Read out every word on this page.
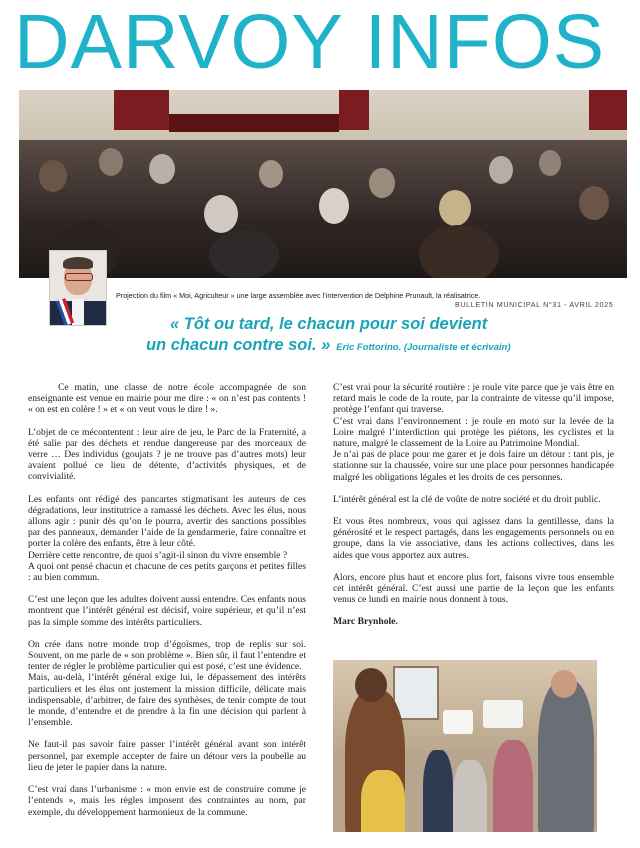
DARVOY INFOS
Projection du film « Moi, Agriculteur » une large assemblée avec l’intervention de Delphine Prunault, la réalisatrice.
BULLETIN MUNICIPAL N°31 - AVRIL 2025
« Tôt ou tard, le chacun pour soi devient
un chacun contre soi. » Eric Fottorino. (Journaliste et écrivain)

Ce matin, une classe de notre école accompagnée de son enseignante est venue en mairie pour me dire : « on n’est pas contents ! « on est en colère ! » et « on veut vous le dire ! ».

L’objet de ce mécontentent : leur aire de jeu, le Parc de la Fraternité, a été salie par des déchets et rendue dangereuse par des morceaux de verre … Des individus (goujats ? je ne trouve pas d’autres mots) leur avaient pollué ce lieu de détente, d’activités physiques, et de convivialité.

Les enfants ont rédigé des pancartes stigmatisant les auteurs de ces dégradations, leur institutrice a ramassé les déchets. Avec les élus, nous allons agir : punir dès qu’on le pourra, avertir des sanctions possibles par des panneaux, demander l’aide de la gendarmerie, faire connaître et porter la colère des enfants, être à leur côté.

Derrière cette rencontre, de quoi s’agit-il sinon du vivre ensemble ?

A quoi ont pensé chacun et chacune de ces petits garçons et petites filles : au bien commun.

C’est une leçon que les adultes doivent aussi entendre. Ces enfants nous montrent que l’intérêt général est décisif, voire supérieur, et qu’il n’est pas la simple somme des intérêts particuliers.

On crée dans notre monde trop d’égoïsmes, trop de replis sur soi. Souvent, on me parle de « son problème ». Bien sûr, il faut l’entendre et tenter de régler le problème particulier qui est posé, c’est une évidence.

Mais, au-delà, l’intérêt général exige lui, le dépassement des intérêts particuliers et les élus ont justement la mission difficile, délicate mais indispensable, d’arbitrer, de faire des synthèses, de tenir compte de tout le monde, d’entendre et de prendre à la fin une décision qui parlent à l’ensemble.

Ne faut-il pas savoir faire passer l’intérêt général avant son intérêt personnel, par exemple accepter de faire un détour vers la poubelle au lieu de jeter le papier dans la nature.

C’est vrai dans l’urbanisme : « mon envie est de construire comme je l’entends », mais les règles imposent des contraintes au nom, par exemple, du développement harmonieux de la commune.

C’est vrai pour la sécurité routière : je roule vite parce que je vais être en retard mais le code de la route, par la contrainte de vitesse qu’il impose, protège l’enfant qui traverse.

C’est vrai dans l’environnement : je roule en moto sur la levée de la Loire malgré l’interdiction qui protège les piétons, les cyclistes et la nature, malgré le classement de la Loire au Patrimoine Mondial.

Je n’ai pas de place pour me garer et je dois faire un détour : tant pis, je stationne sur la chaussée, voire sur une place pour personnes handicapée malgré les obligations légales et les droits de ces personnes.

L’intérêt général est la clé de voûte de notre société et du droit public.

Et vous êtes nombreux, vous qui agissez dans la gentillesse, dans la générosité et le respect partagés, dans les engagements personnels ou en groupe, dans la vie associative, dans les actions collectives, dans les aides que vous apportez aux autres.

Alors, encore plus haut et encore plus fort, faisons vivre tous ensemble cet intérêt général. C’est aussi une partie de la leçon que les enfants venus ce lundi en mairie nous donnent à tous.

Marc Brynhole.
